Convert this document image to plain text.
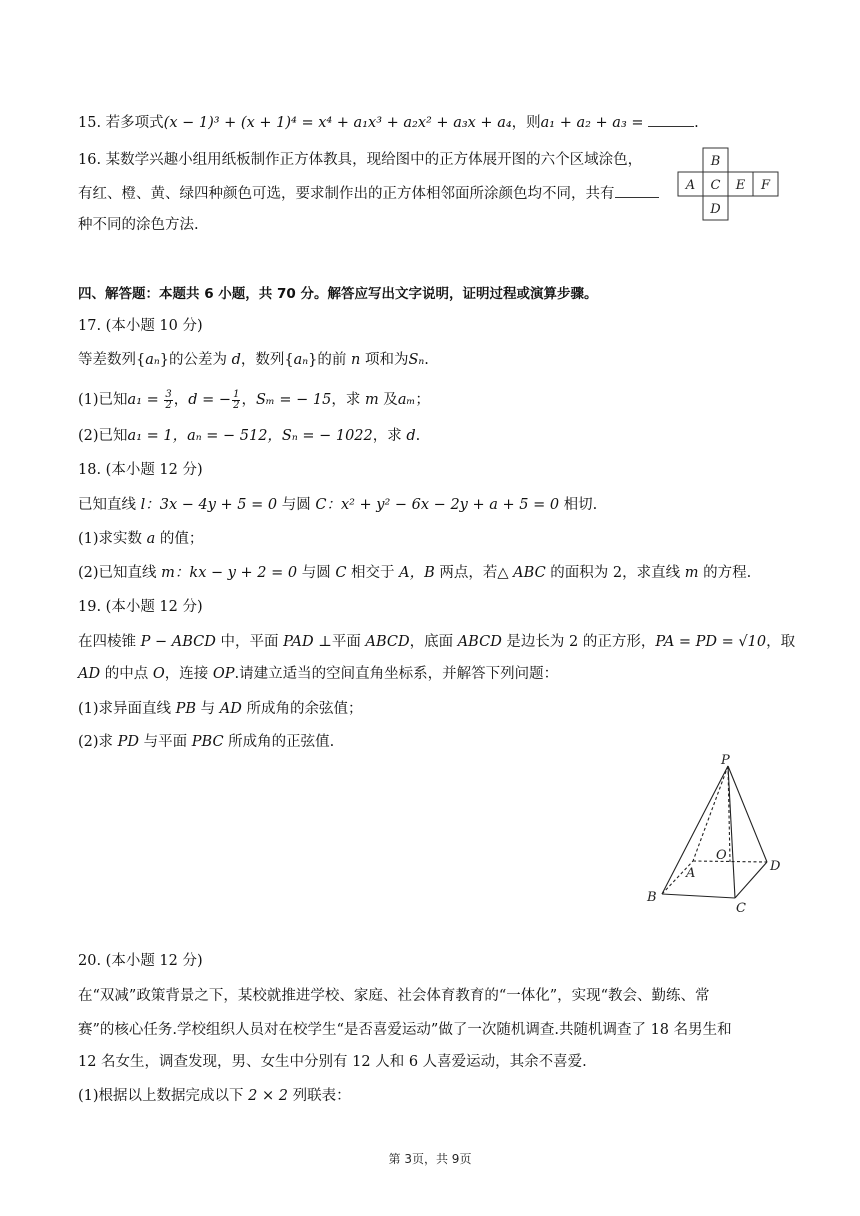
15. 若多项式(x − 1)³ + (x + 1)⁴ = x⁴ + a₁x³ + a₂x² + a₃x + a₄，则a₁ + a₂ + a₃ =	.
16. 某数学兴趣小组用纸板制作正方体教具，现给图中的正方体展开图的六个区域涂色，
有红、橙、黄、绿四种颜色可选，要求制作出的正方体相邻面所涂颜色均不同，共有
种不同的涂色方法.
B
A C E F
D
四、解答题：本题共 6 小题，共 70 分。解答应写出文字说明，证明过程或演算步骤。
17. (本小题 10 分)
等差数列{aₙ}的公差为 d，数列{aₙ}的前 n 项和为Sₙ.
(1)已知$a_1 = \frac{3}{2}$ ，d = − $\frac{1}{2}$ ，Sₘ = − 15，求 m 及aₘ；
(2)已知a₁ = 1，aₙ = − 512，Sₙ = − 1022，求 d.
18. (本小题 12 分)
已知直线 l：3x − 4y + 5 = 0 与圆 C：x² + y² − 6x − 2y + a + 5 = 0 相切.
(1)求实数 a 的值；
(2)已知直线 m：kx − y + 2 = 0 与圆 C 相交于 A，B 两点，若△ ABC 的面积为 2，求直线 m 的方程.
19. (本小题 12 分)
在四棱锥 P − ABCD 中，平面 PAD ⊥平面 ABCD，底面 ABCD 是边长为 2 的正方形，PA = PD = √10，取
AD 的中点 O，连接 OP.请建立适当的空间直角坐标系，并解答下列问题：
(1)求异面直线 PB 与 AD 所成角的余弦值；
(2)求 PD 与平面 PBC 所成角的正弦值.
P
O
A	D
B
C
20. (本小题 12 分)
在“双减”政策背景之下，某校就推进学校、家庭、社会体育教育的“一体化”，实现“教会、勤练、常
赛”的核心任务.学校组织人员对在校学生“是否喜爱运动”做了一次随机调查.共随机调查了 18 名男生和
12 名女生，调查发现，男、女生中分别有 12 人和 6 人喜爱运动，其余不喜爱.
(1)根据以上数据完成以下 2 × 2 列联表：
第 3页，共 9页
